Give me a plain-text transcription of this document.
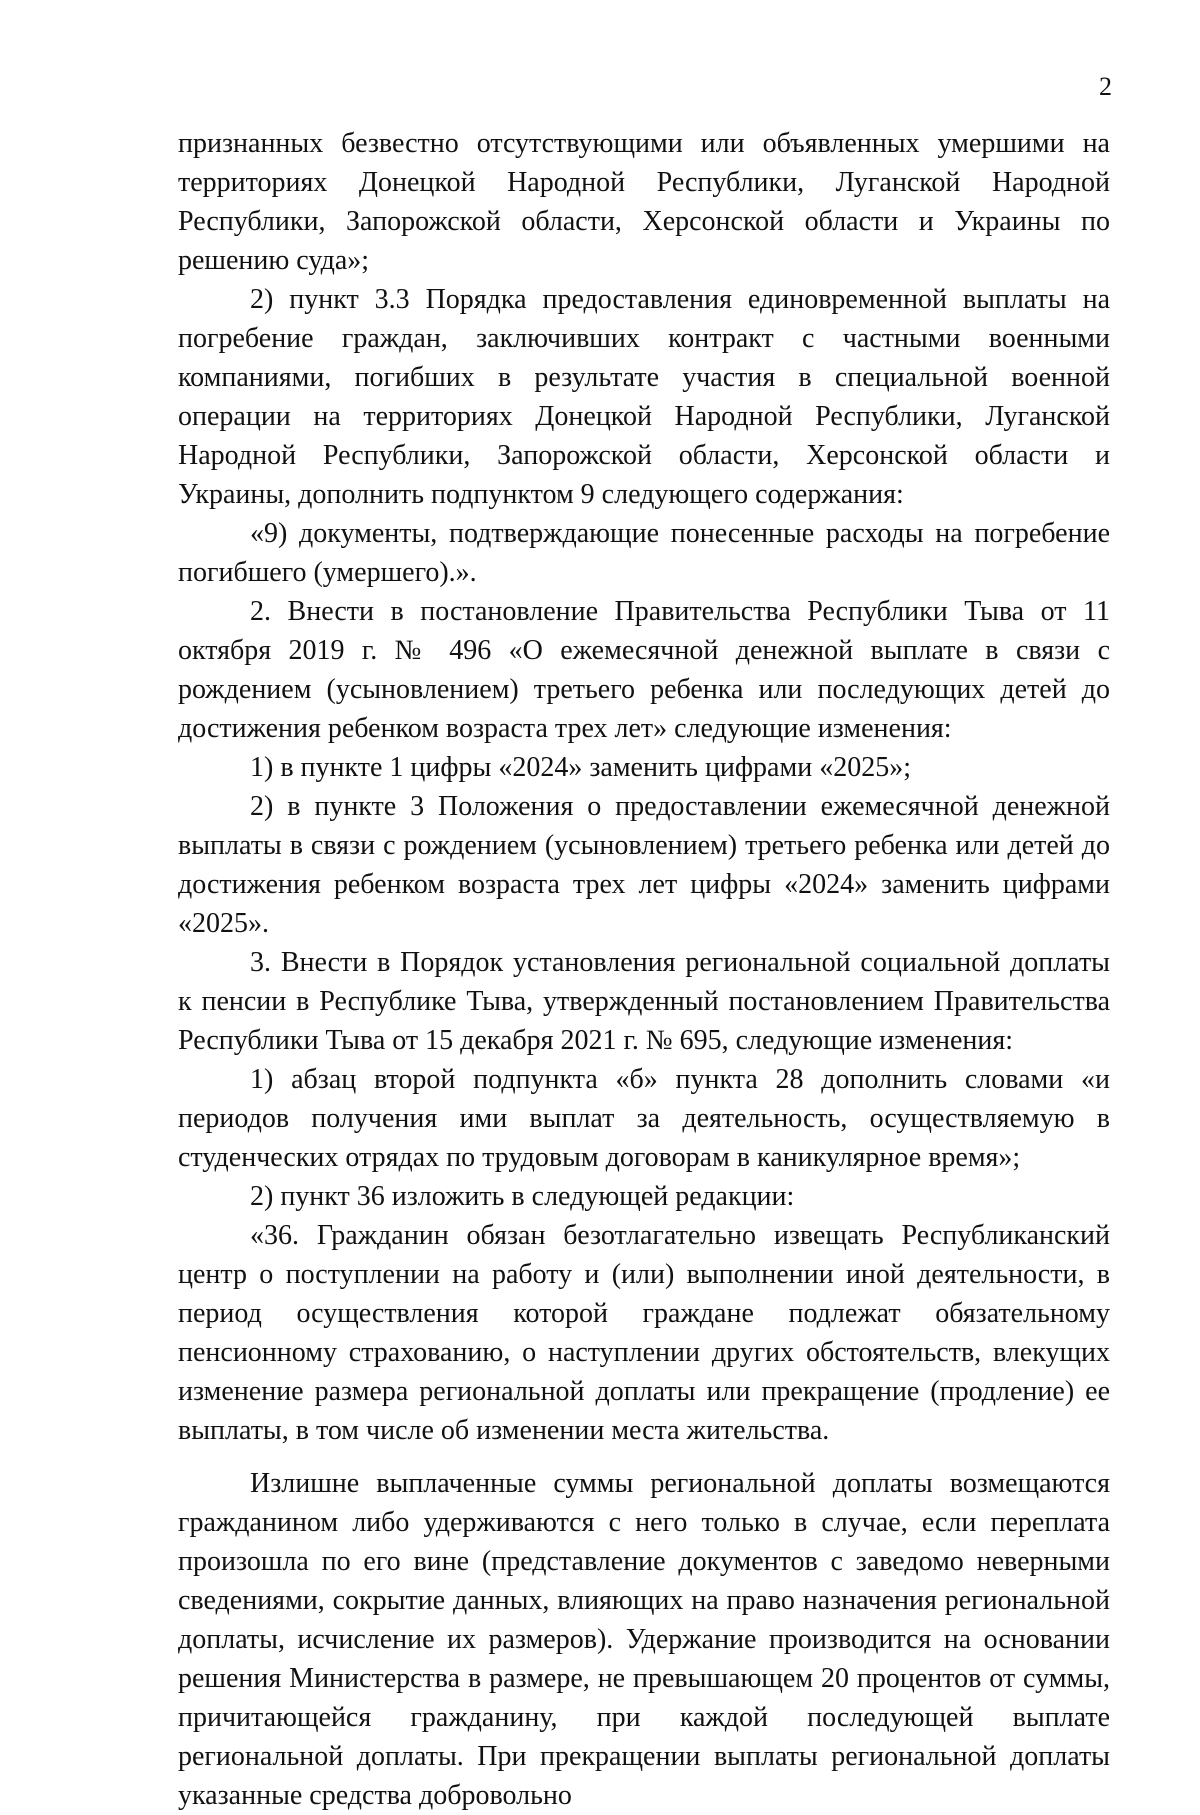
2

признанных безвестно отсутствующими или объявленных умершими на территориях Донецкой Народной Республики, Луганской Народной Республики, Запорожской области, Херсонской области и Украины по решению суда»;

2) пункт 3.3 Порядка предоставления единовременной выплаты на погребение граждан, заключивших контракт с частными военными компаниями, погибших в результате участия в специальной военной операции на территориях Донецкой Народной Республики, Луганской Народной Республики, Запорожской области, Херсонской области и Украины, дополнить подпунктом 9 следующего содержания:

«9) документы, подтверждающие понесенные расходы на погребение погибшего (умершего).».

2. Внести в постановление Правительства Республики Тыва от 11 октября 2019 г. № 496 «О ежемесячной денежной выплате в связи с рождением (усыновлением) третьего ребенка или последующих детей до достижения ребенком возраста трех лет» следующие изменения:

1) в пункте 1 цифры «2024» заменить цифрами «2025»;

2) в пункте 3 Положения о предоставлении ежемесячной денежной выплаты в связи с рождением (усыновлением) третьего ребенка или детей до достижения ребенком возраста трех лет цифры «2024» заменить цифрами «2025».

3. Внести в Порядок установления региональной социальной доплаты к пенсии в Республике Тыва, утвержденный постановлением Правительства Республики Тыва от 15 декабря 2021 г. № 695, следующие изменения:

1) абзац второй подпункта «б» пункта 28 дополнить словами «и периодов получения ими выплат за деятельность, осуществляемую в студенческих отрядах по трудовым договорам в каникулярное время»;

2) пункт 36 изложить в следующей редакции:

«36. Гражданин обязан безотлагательно извещать Республиканский центр о поступлении на работу и (или) выполнении иной деятельности, в период осуществления которой граждане подлежат обязательному пенсионному страхованию, о наступлении других обстоятельств, влекущих изменение размера региональной доплаты или прекращение (продление) ее выплаты, в том числе об изменении места жительства.

Излишне выплаченные суммы региональной доплаты возмещаются гражданином либо удерживаются с него только в случае, если переплата произошла по его вине (представление документов с заведомо неверными сведениями, сокрытие данных, влияющих на право назначения региональной доплаты, исчисление их размеров). Удержание производится на основании решения Министерства в размере, не превышающем 20 процентов от суммы, причитающейся гражданину, при каждой последующей выплате региональной доплаты. При прекращении выплаты региональной доплаты указанные средства добровольно
